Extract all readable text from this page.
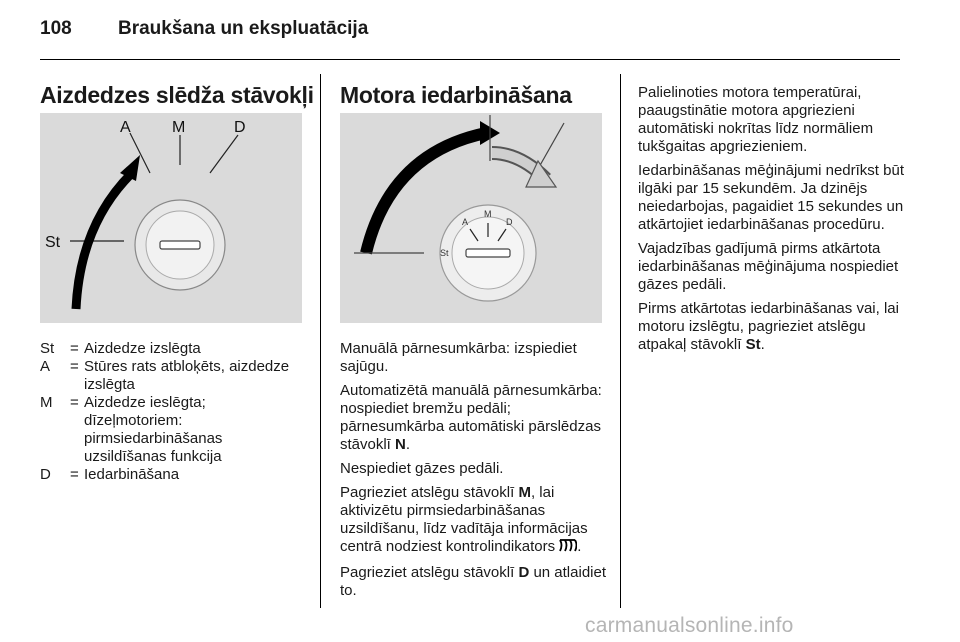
108 Braukšana un ekspluatācija
Aizdedzes slēdža stāvokļi
A	M	D
St
St	= Aizdedze izslēgta
A	= Stūres rats atbloķēts, aizdedze izslēgta
M	= Aizdedze ieslēgta; dīzeļmotoriem: pirmsiedarbināšanas uzsildīšanas funkcija
D	= Iedarbināšana
Motora iedarbināšana
A
M
D
St

Manuālā pārnesumkārba: izspiediet sajūgu.

Automatizētā manuālā pārnesumkārba: nospiediet bremžu pedāli; pārnesumkārba automātiski pārslēdzas stāvoklī N.

Nespiediet gāzes pedāli.

Pagrieziet atslēgu stāvoklī M, lai aktivizētu pirmsiedarbināšanas uzsildīšanu, līdz vadītāja informācijas centrā nodziest kontrolindikators .

Pagrieziet atslēgu stāvoklī D un atlaidiet to.

Palielinoties motora temperatūrai, paaugstinātie motora apgriezieni automātiski nokrītas līdz normāliem tukšgaitas apgriezieniem.

Iedarbināšanas mēģinājumi nedrīkst būt ilgāki par 15 sekundēm. Ja dzinējs neiedarbojas, pagaidiet 15 sekundes un atkārtojiet iedarbināšanas procedūru.

Vajadzības gadījumā pirms atkārtota iedarbināšanas mēģinājuma nospiediet gāzes pedāli.

Pirms atkārtotas iedarbināšanas vai, lai motoru izslēgtu, pagrieziet atslēgu atpakaļ stāvoklī St.

carmanualsonline.info
